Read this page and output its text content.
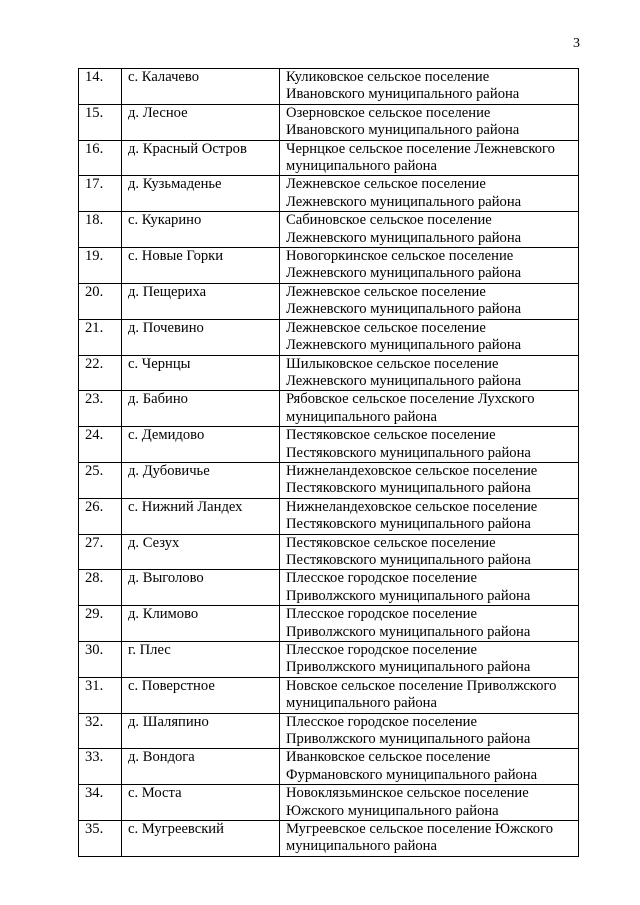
3
14.	с. Калачево	Куликовское сельское поселение
Ивановского муниципального района

15.	д. Лесное	Озерновское сельское поселение
Ивановского муниципального района

16.	д. Красный Остров	Чернцкое сельское поселение Лежневского
муниципального района

17.	д. Кузьмаденье	Лежневское сельское поселение
Лежневского муниципального района

18.	с. Кукарино	Сабиновское сельское поселение
Лежневского муниципального района

19.	с. Новые Горки	Новогоркинское сельское поселение
Лежневского муниципального района

20.	д. Пещериха	Лежневское сельское поселение
Лежневского муниципального района

21.	д. Почевино	Лежневское сельское поселение
Лежневского муниципального района

22.	с. Чернцы	Шилыковское сельское поселение
Лежневского муниципального района

23.	д. Бабино	Рябовское сельское поселение Лухского
муниципального района

24.	с. Демидово	Пестяковское сельское поселение
Пестяковского муниципального района

25.	д. Дубовичье	Нижнеландеховское сельское поселение
Пестяковского муниципального района

26.	с. Нижний Ландех	Нижнеландеховское сельское поселение
Пестяковского муниципального района

27.	д. Сезух	Пестяковское сельское поселение
Пестяковского муниципального района

28.	д. Выголово	Плесское городское поселение
Приволжского муниципального района

29.	д. Климово	Плесское городское поселение
Приволжского муниципального района

30.	г. Плес	Плесское городское поселение
Приволжского муниципального района

31.	с. Поверстное	Новское сельское поселение Приволжского
муниципального района

32.	д. Шаляпино	Плесское городское поселение
Приволжского муниципального района

33.	д. Вондога	Иванковское сельское поселение
Фурмановского муниципального района

34.	с. Моста	Новоклязьминское сельское поселение
Южского муниципального района

35.	с. Мугреевский	Мугреевское сельское поселение Южского
муниципального района
